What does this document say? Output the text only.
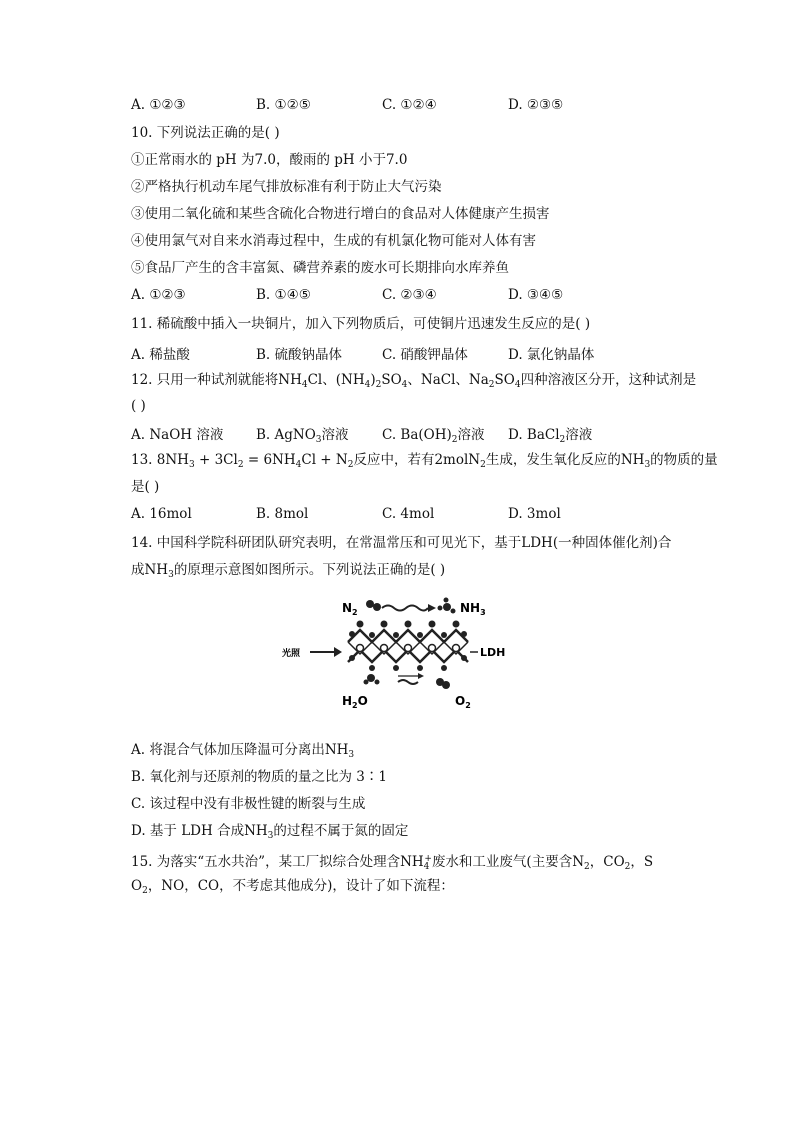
A. ①②③	B. ①②⑤	C. ①②④	D. ②③⑤
10. 下列说法正确的是( )
①正常雨水的 pH 为7.0，酸雨的 pH 小于7.0
②严格执行机动车尾气排放标准有利于防止大气污染
③使用二氧化硫和某些含硫化合物进行增白的食品对人体健康产生损害
④使用氯气对自来水消毒过程中，生成的有机氯化物可能对人体有害
⑤食品厂产生的含丰富氮、磷营养素的废水可长期排向水库养鱼
A. ①②③	B. ①④⑤	C. ②③④	D. ③④⑤
11. 稀硫酸中插入一块铜片，加入下列物质后，可使铜片迅速发生反应的是( )
A. 稀盐酸	B. 硫酸钠晶体	C. 硝酸钾晶体	D. 氯化钠晶体
12. 只用一种试剂就能将$NH_4Cl$、$(NH_4)_2SO_4$、NaCl、$Na_2SO_4$四种溶液区分开，这种试剂是
( )
A. NaOH 溶液 B. AgNO$_3$溶液 C. $Ba(OH)_2$溶液 D. BaCl$_2$溶液
13. $8NH_3 + 3Cl_2 = 6NH_4Cl + N_2$反应中，若有2molN$_2$生成，发生氧化反应的$NH_3$的物质的量
是( )
A. 16mol	B. 8mol	C. 4mol	D. 3mol
14. 中国科学院科研团队研究表明，在常温常压和可见光下，基于LDH(一种固体催化剂)合
成$NH_3$的原理示意图如图所示。下列说法正确的是( )
$N_2$	$NH_3$
光照	LDH
$H_2O$	$O_2$
A. 将混合气体加压降温可分离出$NH_3$
B. 氧化剂与还原剂的物质的量之比为 3∶1
C. 该过程中没有非极性键的断裂与生成
D. 基于 LDH 合成$NH_3$的过程不属于氮的固定
15. 为落实“五水共治”，某工厂拟综合处理含$NH_4^+$废水和工业废气(主要含$N_2$，$CO_2$，S
$O_2$，NO，CO，不考虑其他成分)，设计了如下流程：
